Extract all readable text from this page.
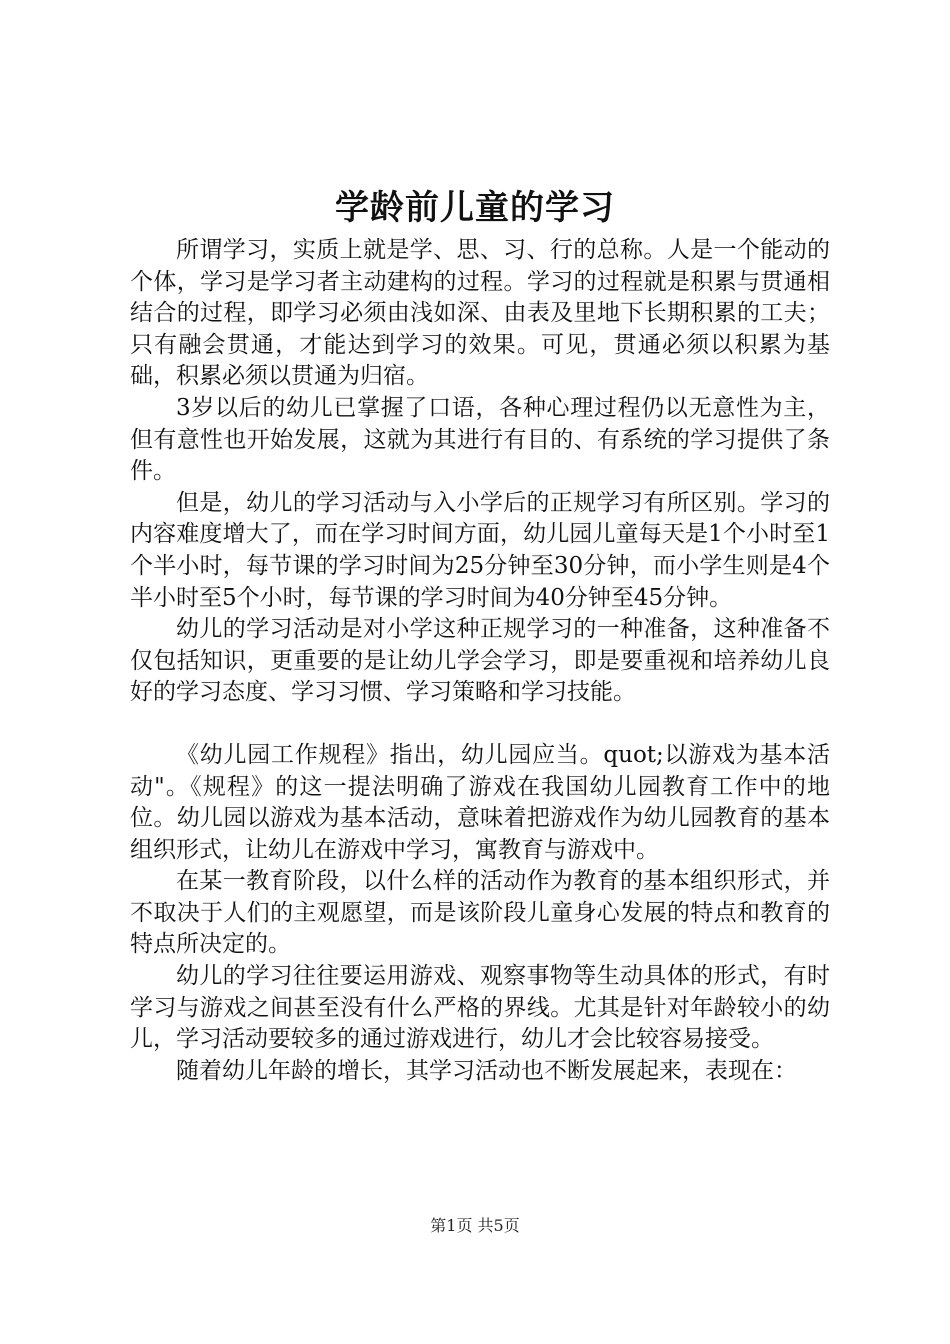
学龄前儿童的学习

所谓学习，实质上就是学、思、习、行的总称。人是一个能动的个体，学习是学习者主动建构的过程。学习的过程就是积累与贯通相结合的过程，即学习必须由浅如深、由表及里地下长期积累的工夫；只有融会贯通，才能达到学习的效果。可见，贯通必须以积累为基础，积累必须以贯通为归宿。

3岁以后的幼儿已掌握了口语，各种心理过程仍以无意性为主，但有意性也开始发展，这就为其进行有目的、有系统的学习提供了条件。

但是，幼儿的学习活动与入小学后的正规学习有所区别。学习的内容难度增大了，而在学习时间方面，幼儿园儿童每天是1个小时至1个半小时，每节课的学习时间为25分钟至30分钟，而小学生则是4个半小时至5个小时，每节课的学习时间为40分钟至45分钟。

幼儿的学习活动是对小学这种正规学习的一种准备，这种准备不仅包括知识，更重要的是让幼儿学会学习，即是要重视和培养幼儿良好的学习态度、学习习惯、学习策略和学习技能。

《幼儿园工作规程》指出，幼儿园应当。quot;以游戏为基本活动"。《规程》的这一提法明确了游戏在我国幼儿园教育工作中的地位。幼儿园以游戏为基本活动，意味着把游戏作为幼儿园教育的基本组织形式，让幼儿在游戏中学习，寓教育与游戏中。

在某一教育阶段，以什么样的活动作为教育的基本组织形式，并不取决于人们的主观愿望，而是该阶段儿童身心发展的特点和教育的特点所决定的。

幼儿的学习往往要运用游戏、观察事物等生动具体的形式，有时学习与游戏之间甚至没有什么严格的界线。尤其是针对年龄较小的幼儿，学习活动要较多的通过游戏进行，幼儿才会比较容易接受。

随着幼儿年龄的增长，其学习活动也不断发展起来，表现在：

第1页 共5页
